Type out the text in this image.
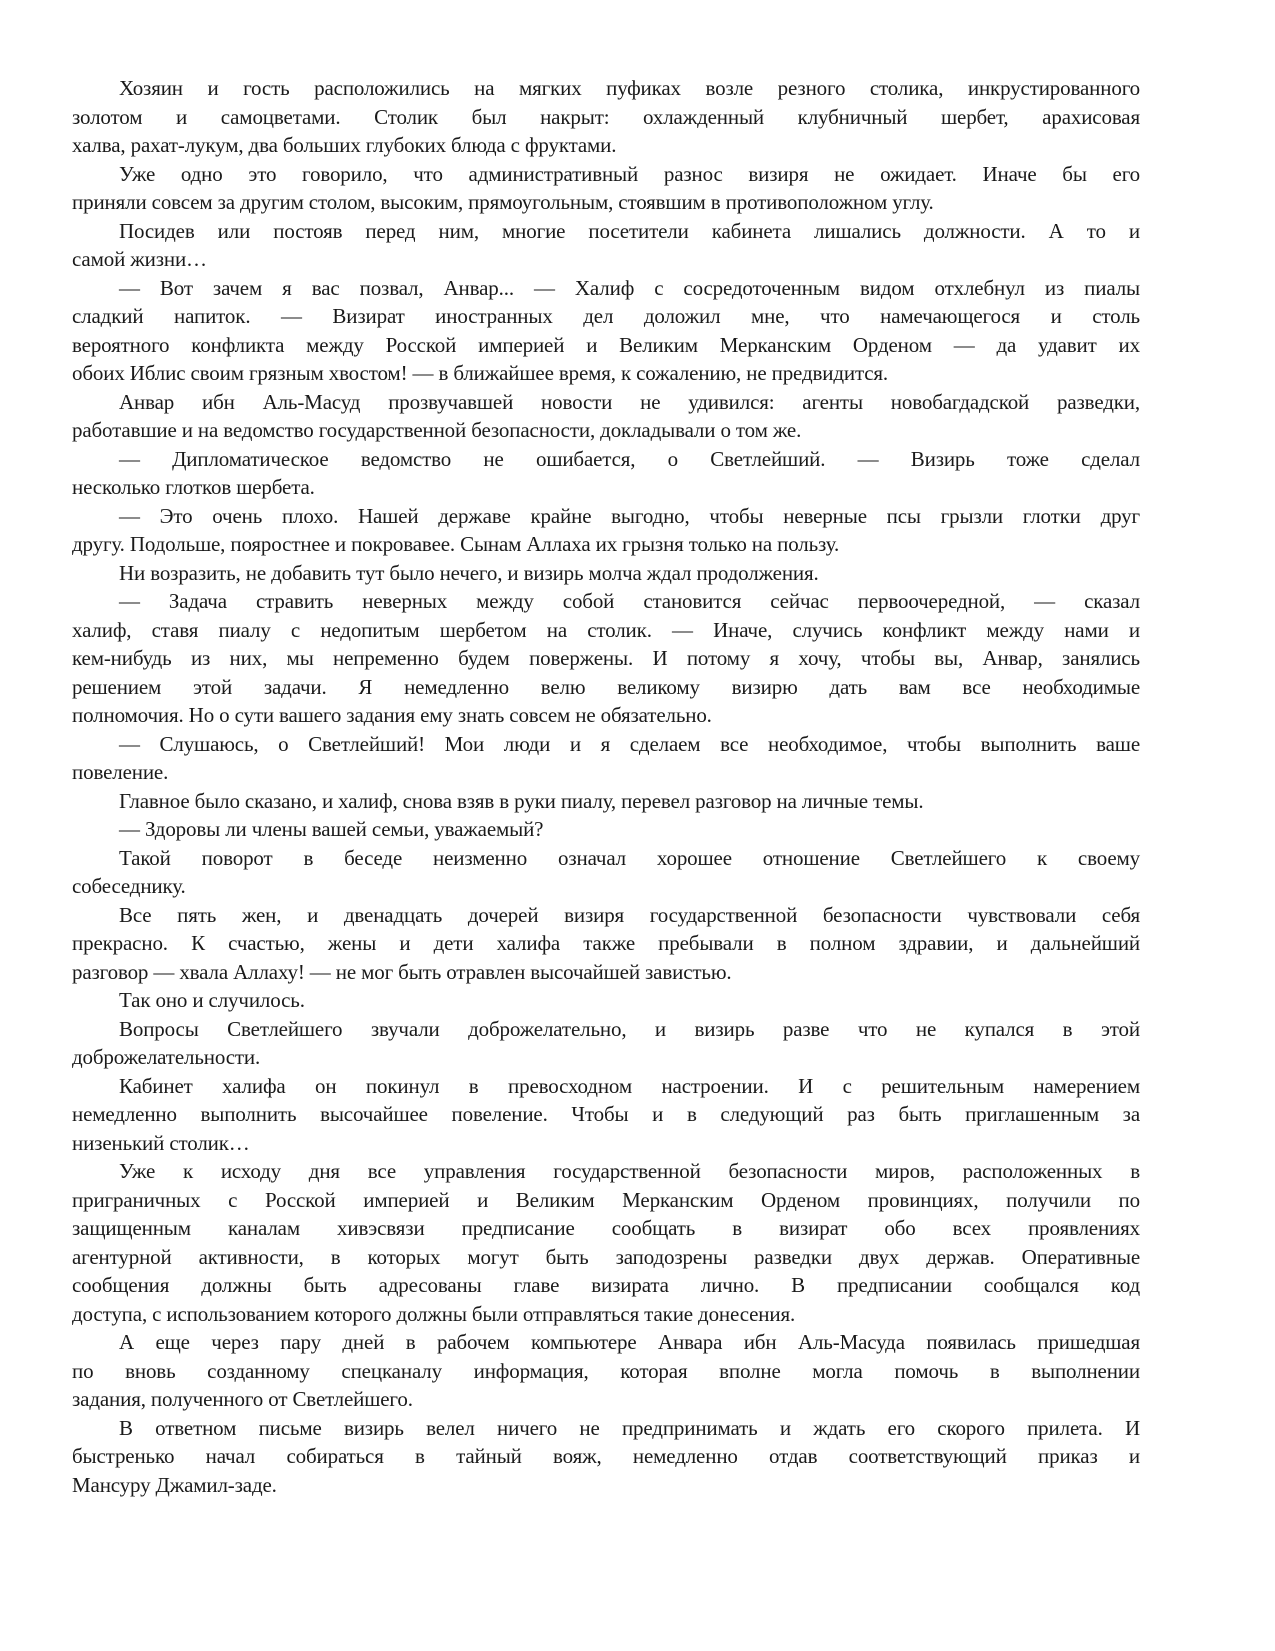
Хозяин и гость расположились на мягких пуфиках возле резного столика, инкрустированного
золотом и самоцветами. Столик был накрыт: охлажденный клубничный шербет, арахисовая
халва, рахат-лукум, два больших глубоких блюда с фруктами.
Уже одно это говорило, что административный разнос визиря не ожидает. Иначе бы его
приняли совсем за другим столом, высоким, прямоугольным, стоявшим в противоположном углу.
Посидев или постояв перед ним, многие посетители кабинета лишались должности. А то и
самой жизни…
— Вот зачем я вас позвал, Анвар... — Халиф с сосредоточенным видом отхлебнул из пиалы
сладкий напиток. — Визират иностранных дел доложил мне, что намечающегося и столь
вероятного конфликта между Росской империей и Великим Мерканским Орденом — да удавит их
обоих Иблис своим грязным хвостом! — в ближайшее время, к сожалению, не предвидится.
Анвар ибн Аль-Масуд прозвучавшей новости не удивился: агенты новобагдадской разведки,
работавшие и на ведомство государственной безопасности, докладывали о том же.
— Дипломатическое ведомство не ошибается, о Светлейший. — Визирь тоже сделал
несколько глотков шербета.
— Это очень плохо. Нашей державе крайне выгодно, чтобы неверные псы грызли глотки друг
другу. Подольше, пояростнее и покровавее. Сынам Аллаха их грызня только на пользу.
Ни возразить, не добавить тут было нечего, и визирь молча ждал продолжения.
— Задача стравить неверных между собой становится сейчас первоочередной, — сказал
халиф, ставя пиалу с недопитым шербетом на столик. — Иначе, случись конфликт между нами и
кем-нибудь из них, мы непременно будем повержены. И потому я хочу, чтобы вы, Анвар, занялись
решением этой задачи. Я немедленно велю великому визирю дать вам все необходимые
полномочия. Но о сути вашего задания ему знать совсем не обязательно.
— Слушаюсь, о Светлейший! Мои люди и я сделаем все необходимое, чтобы выполнить ваше
повеление.
Главное было сказано, и халиф, снова взяв в руки пиалу, перевел разговор на личные темы.
— Здоровы ли члены вашей семьи, уважаемый?
Такой поворот в беседе неизменно означал хорошее отношение Светлейшего к своему
собеседнику.
Все пять жен, и двенадцать дочерей визиря государственной безопасности чувствовали себя
прекрасно. К счастью, жены и дети халифа также пребывали в полном здравии, и дальнейший
разговор — хвала Аллаху! — не мог быть отравлен высочайшей завистью.
Так оно и случилось.
Вопросы Светлейшего звучали доброжелательно, и визирь разве что не купался в этой
доброжелательности.
Кабинет халифа он покинул в превосходном настроении. И с решительным намерением
немедленно выполнить высочайшее повеление. Чтобы и в следующий раз быть приглашенным за
низенький столик…
Уже к исходу дня все управления государственной безопасности миров, расположенных в
приграничных с Росской империей и Великим Мерканским Орденом провинциях, получили по
защищенным каналам хивэсвязи предписание сообщать в визират обо всех проявлениях
агентурной активности, в которых могут быть заподозрены разведки двух держав. Оперативные
сообщения должны быть адресованы главе визирата лично. В предписании сообщался код
доступа, с использованием которого должны были отправляться такие донесения.
А еще через пару дней в рабочем компьютере Анвара ибн Аль-Масуда появилась пришедшая
по вновь созданному спецканалу информация, которая вполне могла помочь в выполнении
задания, полученного от Светлейшего.
В ответном письме визирь велел ничего не предпринимать и ждать его скорого прилета. И
быстренько начал собираться в тайный вояж, немедленно отдав соответствующий приказ и
Мансуру Джамил-заде.
